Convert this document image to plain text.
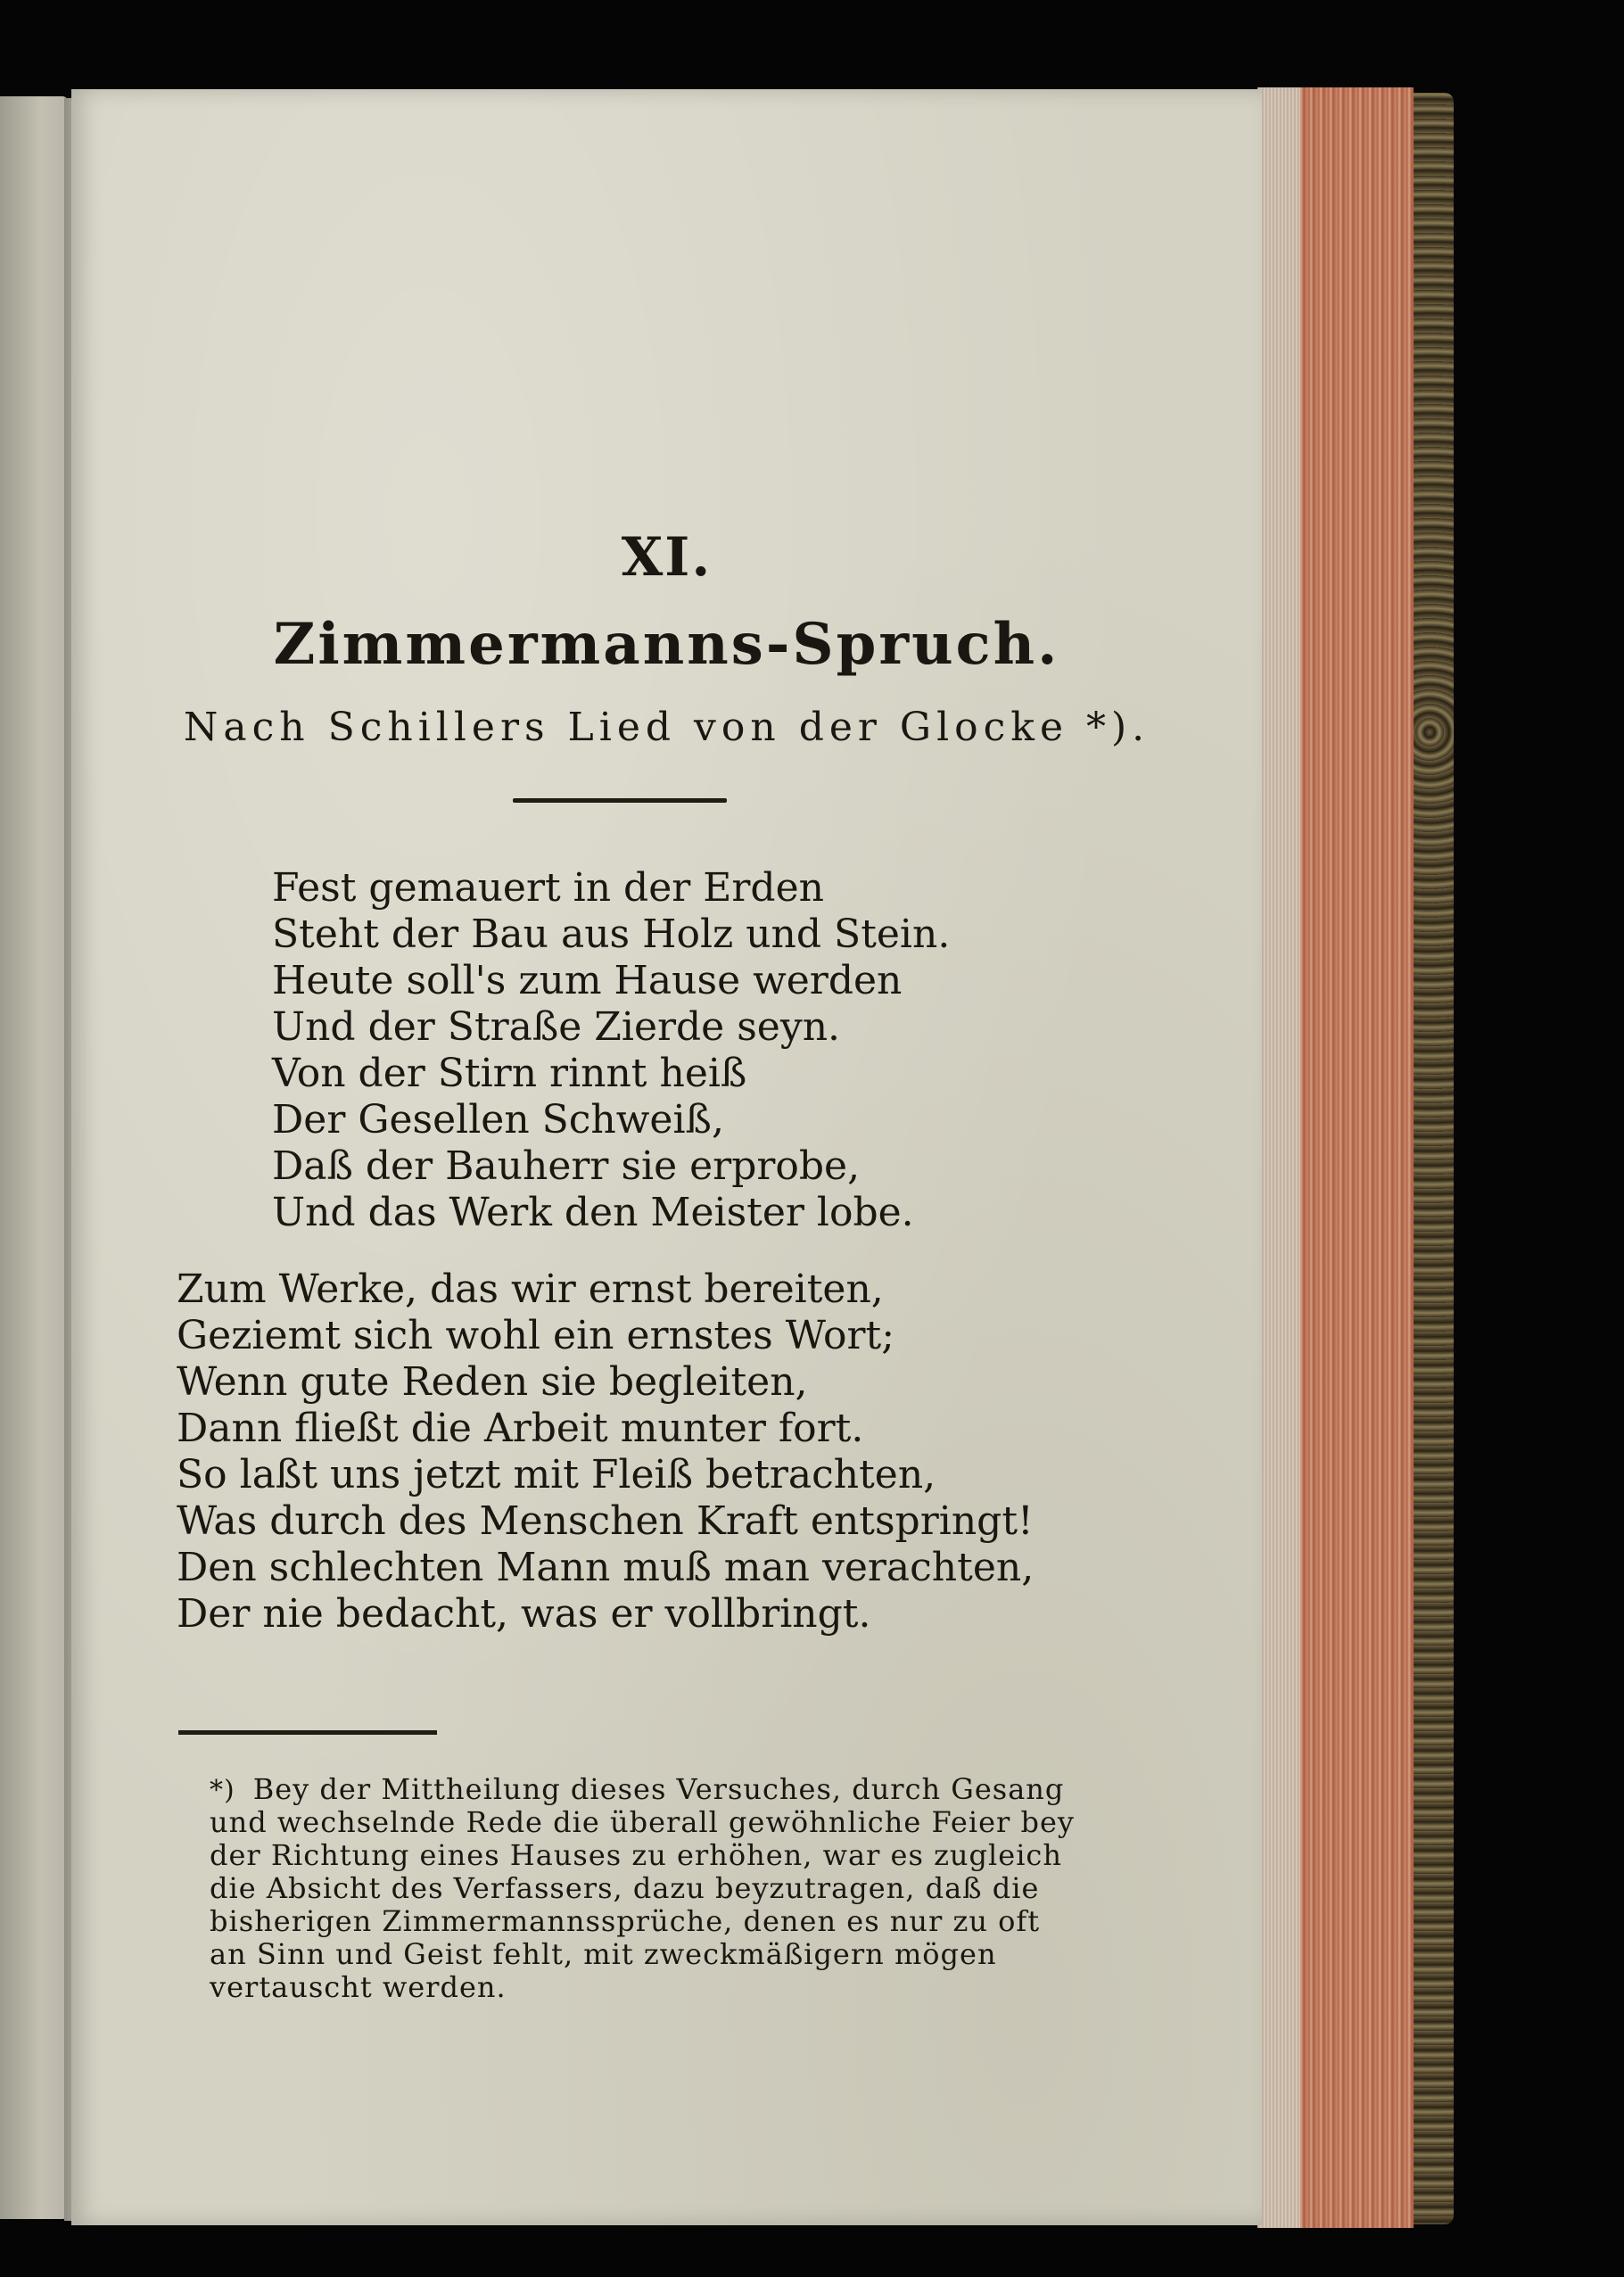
XI.
Zimmermanns-Spruch.
Nach Schillers Lied von der Glocke *).
Fest gemauert in der Erden
Steht der Bau aus Holz und Stein.
Heute soll's zum Hause werden
Und der Straße Zierde seyn.
Von der Stirn rinnt heiß
Der Gesellen Schweiß,
Daß der Bauherr sie erprobe,
Und das Werk den Meister lobe.
Zum Werke, das wir ernst bereiten,
Geziemt sich wohl ein ernstes Wort;
Wenn gute Reden sie begleiten,
Dann fließt die Arbeit munter fort.
So laßt uns jetzt mit Fleiß betrachten,
Was durch des Menschen Kraft entspringt!
Den schlechten Mann muß man verachten,
Der nie bedacht, was er vollbringt.
*) Bey der Mittheilung dieses Versuches, durch Gesang
und wechselnde Rede die überall gewöhnliche Feier bey
der Richtung eines Hauses zu erhöhen, war es zugleich
die Absicht des Verfassers, dazu beyzutragen, daß die
bisherigen Zimmermannssprüche, denen es nur zu oft
an Sinn und Geist fehlt, mit zweckmäßigern mögen
vertauscht werden.
